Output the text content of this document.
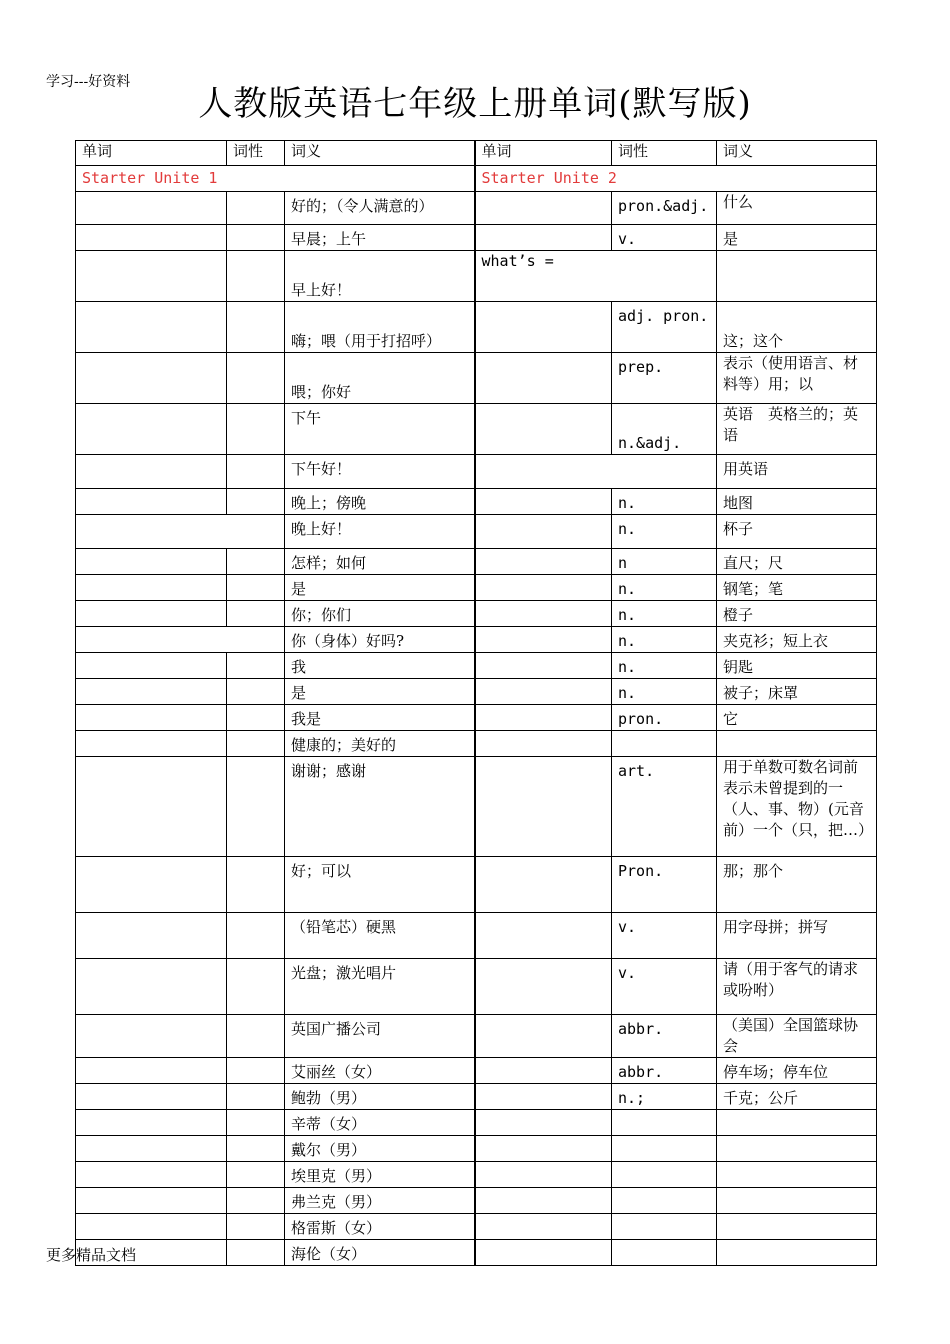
学习---好资料
人教版英语七年级上册单词(默写版)
单词	词性	词义	单词	词性	词义
Starter Unite 1			Starter Unite 2		
		好的；（令人满意的）		pron.&adj.	什么
		早晨；上午		v.	是
		早上好！	what’s =		
		嗨；喂（用于打招呼）		adj. pron.	这；这个
		喂；你好		prep.	表示（使用语言、材料等）用；以
		下午		n.&adj.	英语　英格兰的；英语
		下午好！			用英语
		晚上；傍晚		n.	地图
		晚上好！		n.	杯子
		怎样；如何		n	直尺；尺
		是		n.	钢笔；笔
		你；你们		n.	橙子
		你（身体）好吗?		n.	夹克衫；短上衣
		我		n.	钥匙
		是		n.	被子；床罩
		我是		pron.	它
		健康的；美好的			
		谢谢；感谢		art.	用于单数可数名词前表示未曾提到的一（人、事、物）(元音前）一个（只，把…）
		好；可以		Pron.	那；那个
		（铅笔芯）硬黑		v.	用字母拼；拼写
		光盘；激光唱片		v.	请（用于客气的请求或吩咐）
		英国广播公司		abbr.	（美国）全国篮球协会
		艾丽丝（女）		abbr.	停车场；停车位
		鲍勃（男）		n.;	千克；公斤
		辛蒂（女）			
		戴尔（男）			
		埃里克（男）			
		弗兰克（男）			
		格雷斯（女）			
		海伦（女）			
更多精品文档
